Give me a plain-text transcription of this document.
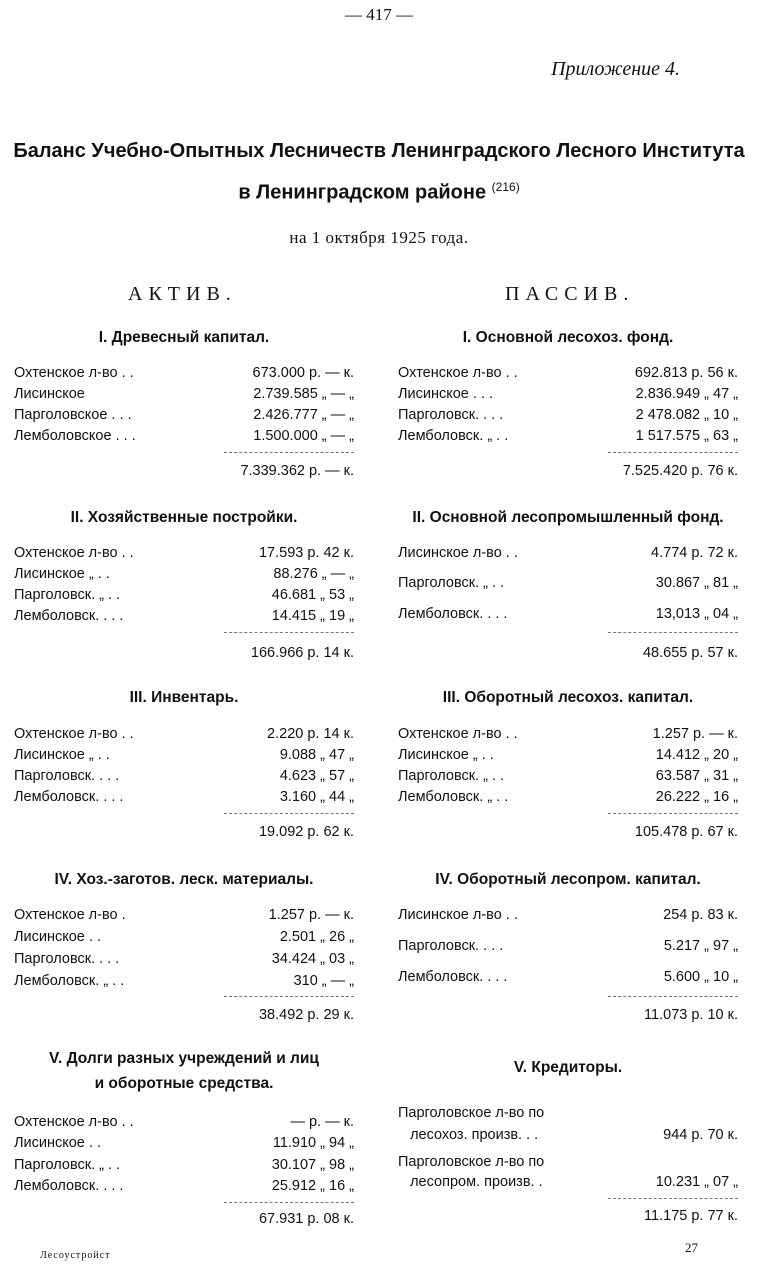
— 417 —
Приложение 4.
Баланс Учебно-Опытных Лесничеств Ленинградского Лесного Института
в Ленинградском районе $^{(216)}$
на 1 октября 1925 года.
АКТИВ.	ПАССИВ.
I. Древесный капитал.
Охтенское л-во . .	673.000 р. — к.
Лисинское	2.739.585 „ — „
Парголовское . . .	2.426.777 „ — „
Лемболовское . . .	1.500.000 „ — „
7.339.362 р. — к.
II. Хозяйственные постройки.
Охтенское л-во . .	17.593 р. 42 к.
Лисинское „ . .	88.276 „ — „
Парголовск. „ . .	46.681 „ 53 „
Лемболовск. . . .	14.415 „ 19 „
166.966 р. 14 к.
III. Инвентарь.
Охтенское л-во . .	2.220 р. 14 к.
Лисинское „ . .	9.088 „ 47 „
Парголовск. . . .	4.623 „ 57 „
Лемболовск. . . .	3.160 „ 44 „
19.092 р. 62 к.
IV. Хоз.-заготов. леск. материалы.
Охтенское л-во .	1.257 р. — к.
Лисинское . .	2.501 „ 26 „
Парголовск. . . .	34.424 „ 03 „
Лемболовск. „ . .	310 „ — „
38.492 р. 29 к.
V. Долги разных учреждений и лиц
и оборотные средства.
Охтенское л-во . .	— р. — к.
Лисинское . .	11.910 „ 94 „
Парголовск. „ . .	30.107 „ 98 „
Лемболовск. . . .	25.912 „ 16 „
67.931 р. 08 к.
I. Основной лесохоз. фонд.
Охтенское л-во . .	692.813 р. 56 к.
Лисинское . . .	2.836.949 „ 47 „
Парголовск. . . .	2 478.082 „ 10 „
Лемболовск. „ . .	1 517.575 „ 63 „
7.525.420 р. 76 к.
II. Основной лесопромышленный фонд.
Лисинское л-во . .	4.774 р. 72 к.
Парголовск. „ . .	30.867 „ 81 „
Лемболовск. . . .	13,013 „ 04 „
48.655 р. 57 к.
III. Оборотный лесохоз. капитал.
Охтенское л-во . .	1.257 р. — к.
Лисинское „ . .	14.412 „ 20 „
Парголовск. „ . .	63.587 „ 31 „
Лемболовск. „ . .	26.222 „ 16 „
105.478 р. 67 к.
IV. Оборотный лесопром. капитал.
Лисинское л-во . .	254 р. 83 к.
Парголовск. . . .	5.217 „ 97 „
Лемболовск. . . .	5.600 „ 10 „
11.073 р. 10 к.
V. Кредиторы.
Парголовское л-во по
лесохоз. произв. . .	944 р. 70 к.
Парголовское л-во по
лесопром. произв. .	10.231 „ 07 „
11.175 р. 77 к.
Лесоустройст
27
